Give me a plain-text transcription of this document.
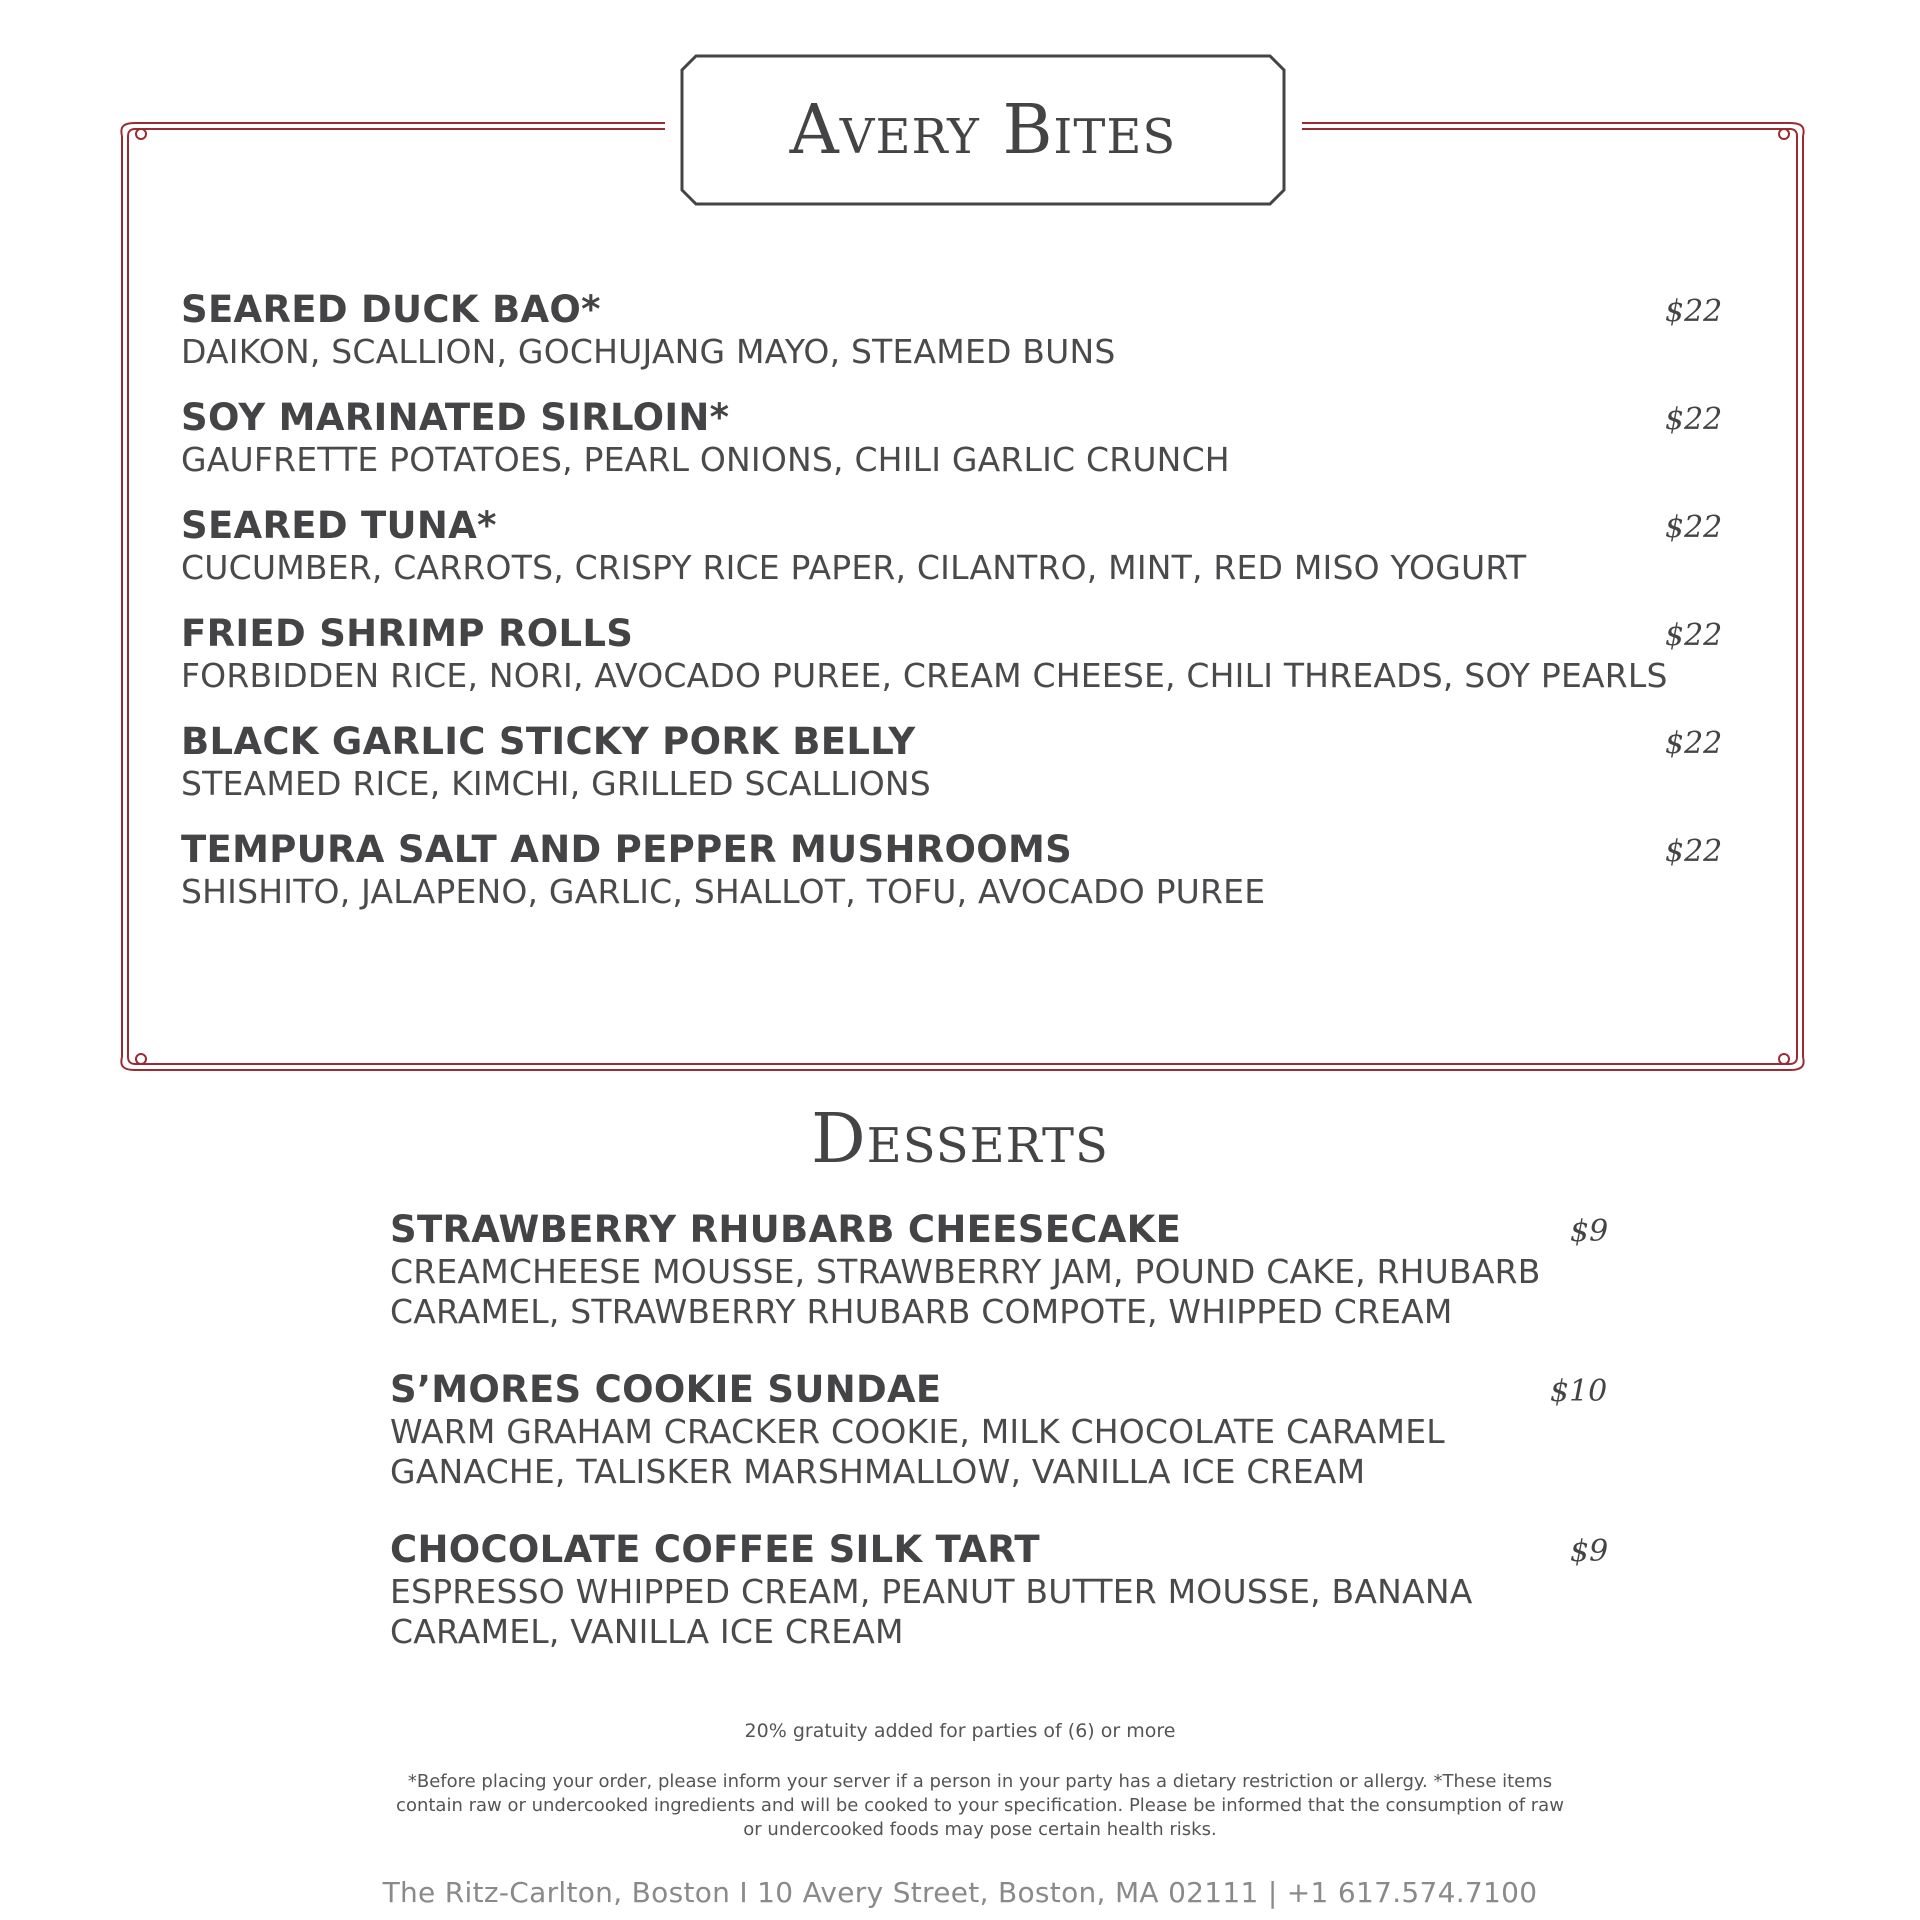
Avery Bites
SEARED DUCK BAO*
DAIKON, SCALLION, GOCHUJANG MAYO, STEAMED BUNS
$22
SOY MARINATED SIRLOIN*
GAUFRETTE POTATOES, PEARL ONIONS, CHILI GARLIC CRUNCH
$22
SEARED TUNA*
CUCUMBER, CARROTS, CRISPY RICE PAPER, CILANTRO, MINT, RED MISO YOGURT
$22
FRIED SHRIMP ROLLS
FORBIDDEN RICE, NORI, AVOCADO PUREE, CREAM CHEESE, CHILI THREADS, SOY PEARLS
$22
BLACK GARLIC STICKY PORK BELLY
STEAMED RICE, KIMCHI, GRILLED SCALLIONS
$22
TEMPURA SALT AND PEPPER MUSHROOMS
SHISHITO, JALAPENO, GARLIC, SHALLOT, TOFU, AVOCADO PUREE
$22
Desserts
STRAWBERRY RHUBARB CHEESECAKE
CREAMCHEESE MOUSSE, STRAWBERRY JAM, POUND CAKE, RHUBARB CARAMEL, STRAWBERRY RHUBARB COMPOTE, WHIPPED CREAM
$9
S’MORES COOKIE SUNDAE
WARM GRAHAM CRACKER COOKIE, MILK CHOCOLATE CARAMEL GANACHE, TALISKER MARSHMALLOW, VANILLA ICE CREAM
$10
CHOCOLATE COFFEE SILK TART
ESPRESSO WHIPPED CREAM, PEANUT BUTTER MOUSSE, BANANA CARAMEL, VANILLA ICE CREAM
$9
20% gratuity added for parties of (6) or more
*Before placing your order, please inform your server if a person in your party has a dietary restriction or allergy. *These items contain raw or undercooked ingredients and will be cooked to your specification. Please be informed that the consumption of raw or undercooked foods may pose certain health risks.
The Ritz-Carlton, Boston I 10 Avery Street, Boston, MA 02111 | +1 617.574.7100
